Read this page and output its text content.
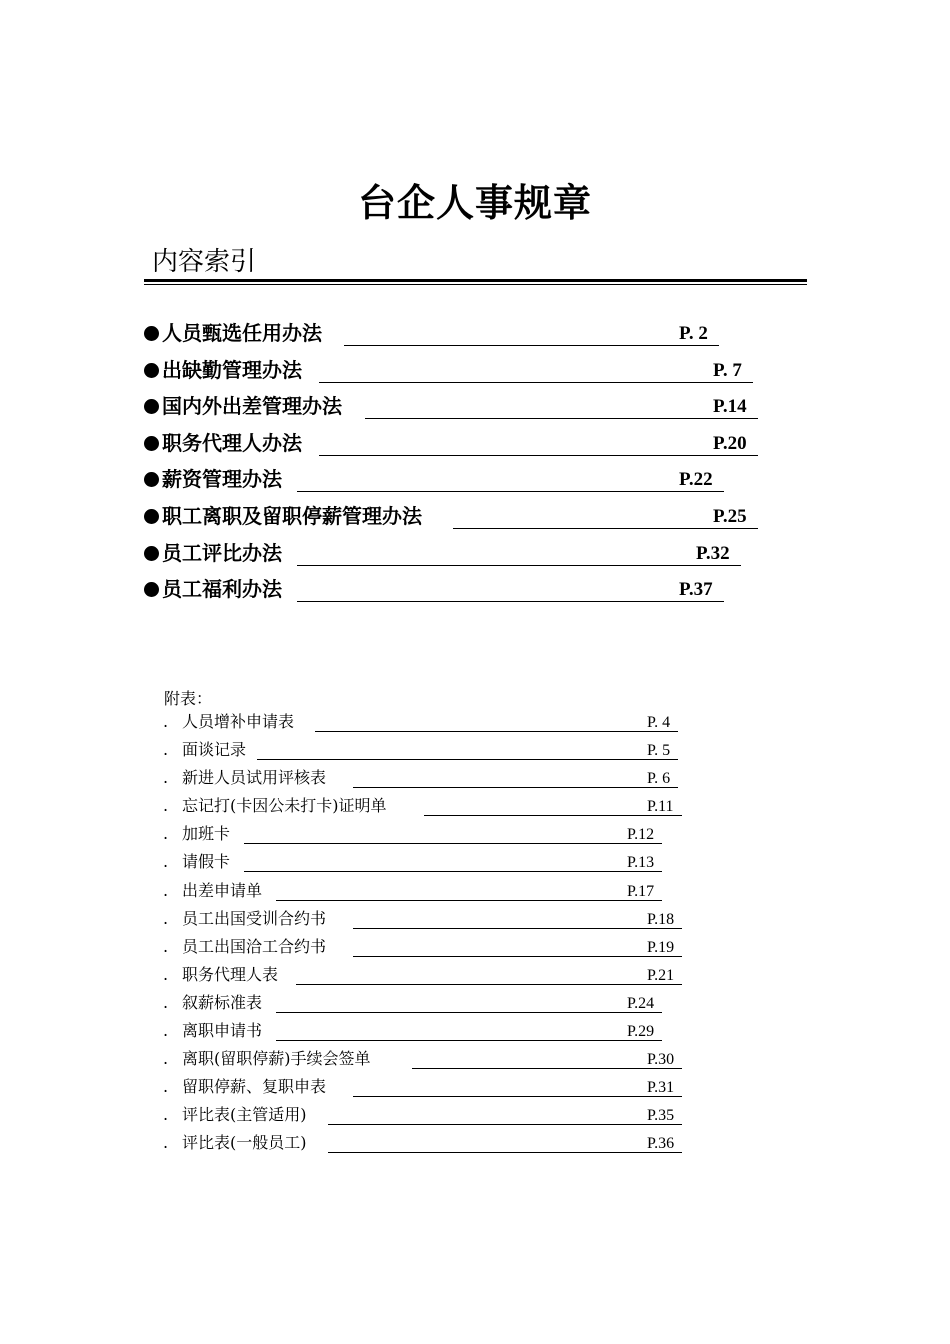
台企人事规章
内容索引
人员甄选任用办法	P. 2
出缺勤管理办法	P. 7
国内外出差管理办法	P.14
职务代理人办法	P.20
薪资管理办法	P.22
职工离职及留职停薪管理办法	P.25
员工评比办法	P.32
员工福利办法	P.37
附表：
. 人员增补申请表	P. 4
. 面谈记录	P. 5
. 新进人员试用评核表	P. 6
. 忘记打(卡因公未打卡)证明单	P.11
. 加班卡	P.12
. 请假卡	P.13
. 出差申请单	P.17
. 员工出国受训合约书	P.18
. 员工出国洽工合约书	P.19
. 职务代理人表	P.21
. 叙薪标准表	P.24
. 离职申请书	P.29
. 离职(留职停薪)手续会签单	P.30
. 留职停薪、复职申表	P.31
. 评比表(主管适用)	P.35
. 评比表(一般员工)	P.36
